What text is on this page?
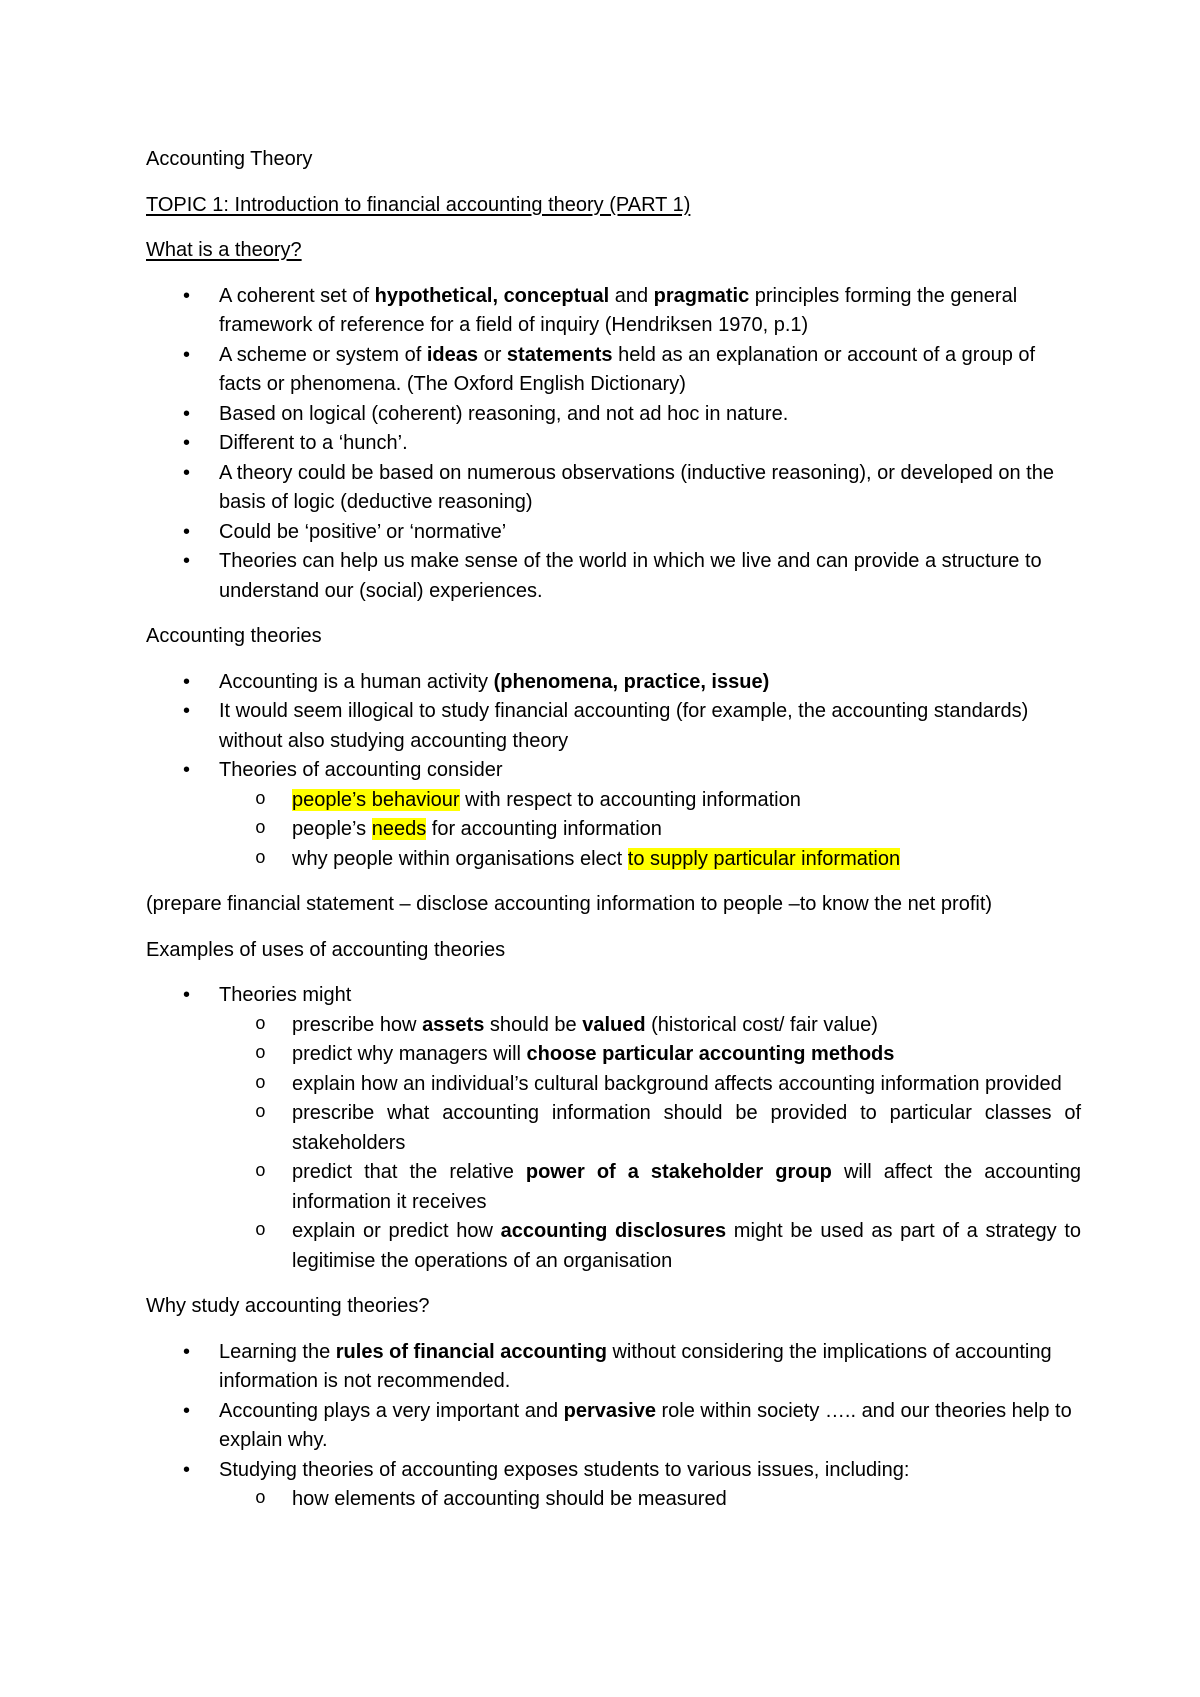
Accounting Theory

TOPIC 1: Introduction to financial accounting theory (PART 1)

What is a theory?

• A coherent set of hypothetical, conceptual and pragmatic principles forming the general framework of reference for a field of inquiry (Hendriksen 1970, p.1)
• A scheme or system of ideas or statements held as an explanation or account of a group of facts or phenomena. (The Oxford English Dictionary)
• Based on logical (coherent) reasoning, and not ad hoc in nature.
• Different to a ‘hunch’.
• A theory could be based on numerous observations (inductive reasoning), or developed on the basis of logic (deductive reasoning)
• Could be ‘positive’ or ‘normative’
• Theories can help us make sense of the world in which we live and can provide a structure to understand our (social) experiences.

Accounting theories

• Accounting is a human activity (phenomena, practice, issue)
• It would seem illogical to study financial accounting (for example, the accounting standards) without also studying accounting theory
• Theories of accounting consider
o people’s behaviour with respect to accounting information
o people’s needs for accounting information
o why people within organisations elect to supply particular information

(prepare financial statement – disclose accounting information to people –to know the net profit)

Examples of uses of accounting theories

• Theories might
o prescribe how assets should be valued (historical cost/ fair value)
o predict why managers will choose particular accounting methods
o explain how an individual’s cultural background affects accounting information provided
o prescribe what accounting information should be provided to particular classes of stakeholders
o predict that the relative power of a stakeholder group will affect the accounting information it receives
o explain or predict how accounting disclosures might be used as part of a strategy to legitimise the operations of an organisation

Why study accounting theories?

• Learning the rules of financial accounting without considering the implications of accounting information is not recommended.
• Accounting plays a very important and pervasive role within society ….. and our theories help to explain why.
• Studying theories of accounting exposes students to various issues, including:
o how elements of accounting should be measured
